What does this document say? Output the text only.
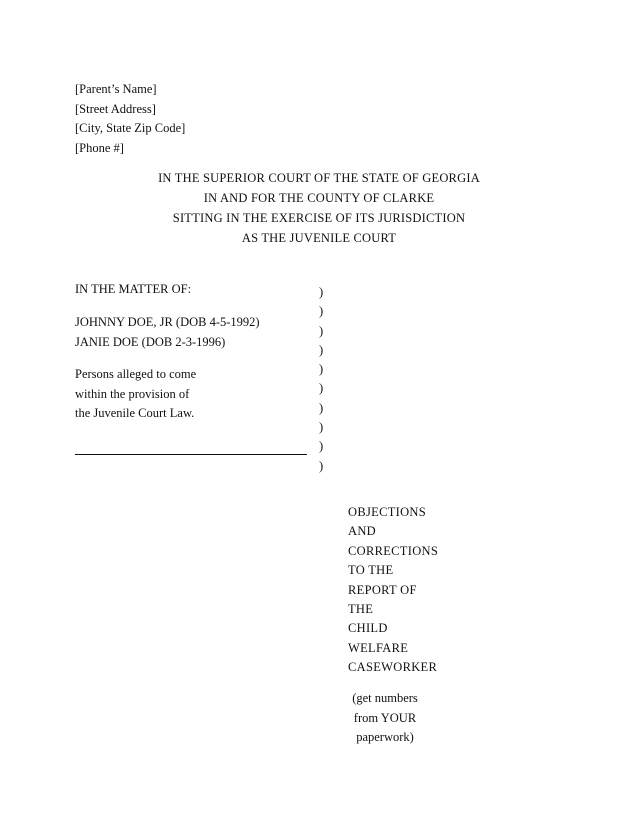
[Parent’s Name]
[Street Address]
[City, State Zip Code]
[Phone #]
IN THE SUPERIOR COURT OF THE STATE OF GEORGIA
IN AND FOR THE COUNTY OF CLARKE
SITTING IN THE EXERCISE OF ITS JURISDICTION
AS THE JUVENILE COURT
IN THE MATTER OF:
JOHNNY DOE, JR (DOB 4-5-1992)
JANIE DOE (DOB 2-3-1996)
Persons alleged to come
within the provision of
the Juvenile Court Law.
)
)
)
)
)
)
)
)
)
)
OBJECTIONS
AND
CORRECTIONS
TO THE
REPORT OF
THE
CHILD
WELFARE
CASEWORKER
(get numbers
from YOUR
paperwork)
